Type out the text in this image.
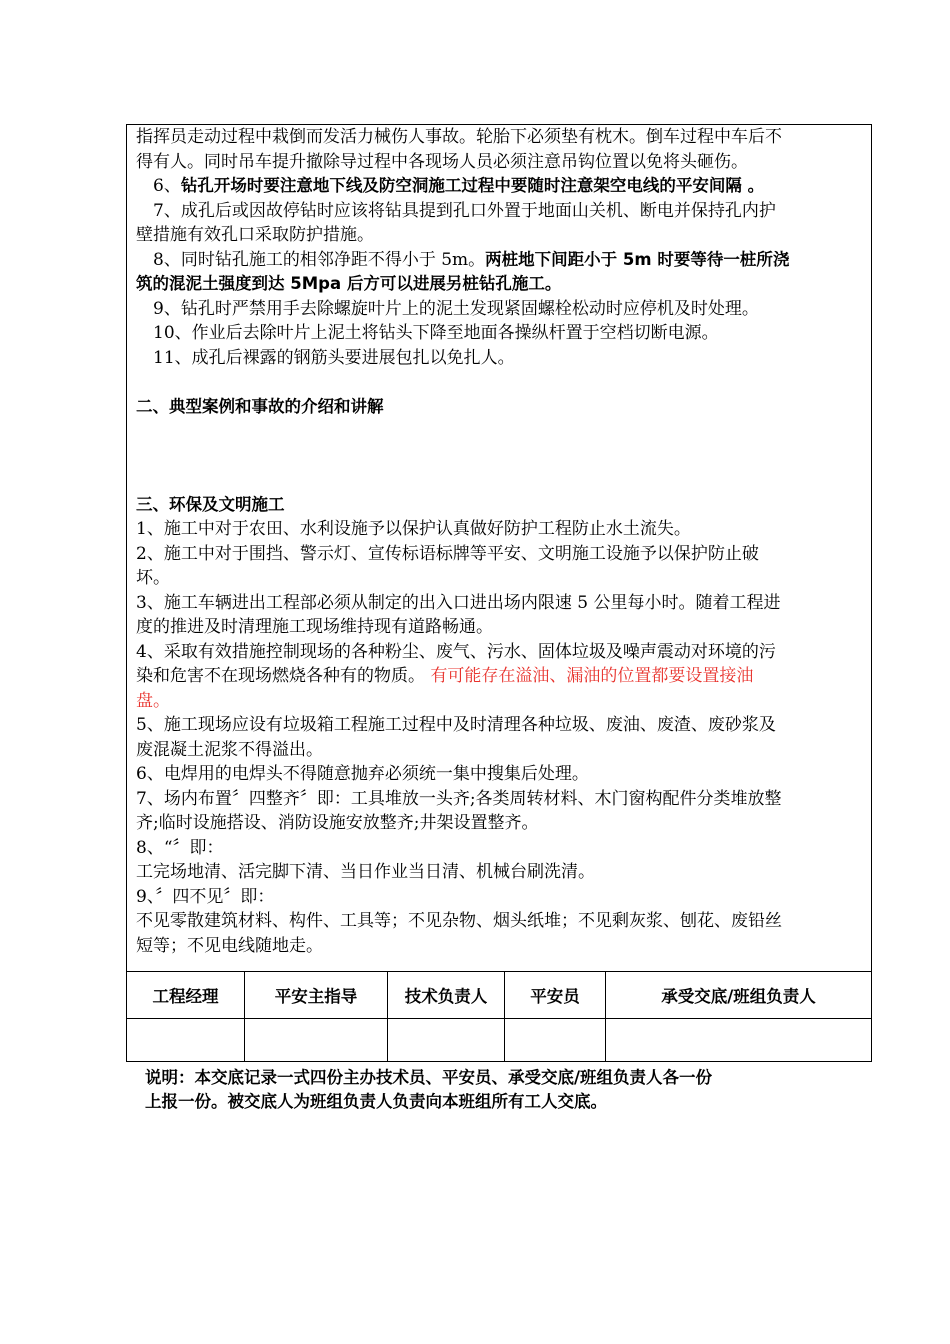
指挥员走动过程中栽倒而发活力械伤人事故。轮胎下必须垫有枕木。倒车过程中车后不
得有人。同时吊车提升撤除导过程中各现场人员必须注意吊钩位置以免将头砸伤。
6、钻孔开场时要注意地下线及防空洞施工过程中要随时注意架空电线的平安间隔 。
7、成孔后或因故停钻时应该将钻具提到孔口外置于地面山关机、断电并保持孔内护
壁措施有效孔口采取防护措施。
8、同时钻孔施工的相邻净距不得小于 5m。两桩地下间距小于 5m 时要等待一桩所浇
筑的混泥土强度到达 5Mpa 后方可以进展另桩钻孔施工。
9、钻孔时严禁用手去除螺旋叶片上的泥土发现紧固螺栓松动时应停机及时处理。
10、作业后去除叶片上泥土将钻头下降至地面各操纵杆置于空档切断电源。
11、成孔后裸露的钢筋头要进展包扎以免扎人。
二、典型案例和事故的介绍和讲解
三、环保及文明施工
1、施工中对于农田、水利设施予以保护认真做好防护工程防止水土流失。
2、施工中对于围挡、警示灯、宣传标语标牌等平安、文明施工设施予以保护防止破
坏。
3、施工车辆进出工程部必须从制定的出入口进出场内限速 5 公里每小时。随着工程进
度的推进及时清理施工现场维持现有道路畅通。
4、采取有效措施控制现场的各种粉尘、废气、污水、固体垃圾及噪声震动对环境的污
染和危害不在现场燃烧各种有的物质。 有可能存在溢油、漏油的位置都要设置接油
盘。
5、施工现场应设有垃圾箱工程施工过程中及时清理各种垃圾、废油、废渣、废砂浆及
废混凝土泥浆不得溢出。
6、电焊用的电焊头不得随意抛弃必须统一集中搜集后处理。
7、场内布置〞四整齐〞即：工具堆放一头齐;各类周转材料、木门窗构配件分类堆放整
齐;临时设施搭设、消防设施安放整齐;井架设置整齐。
8、“〞即：
工完场地清、活完脚下清、当日作业当日清、机械台刷洗清。
9、〞四不见〞即：
不见零散建筑材料、构件、工具等；不见杂物、烟头纸堆；不见剩灰浆、刨花、废铅丝
短等；不见电线随地走。
工程经理	平安主指导	技术负责人	平安员	承受交底/班组负责人
说明：本交底记录一式四份主办技术员、平安员、承受交底/班组负责人各一份
上报一份。被交底人为班组负责人负责向本班组所有工人交底。
